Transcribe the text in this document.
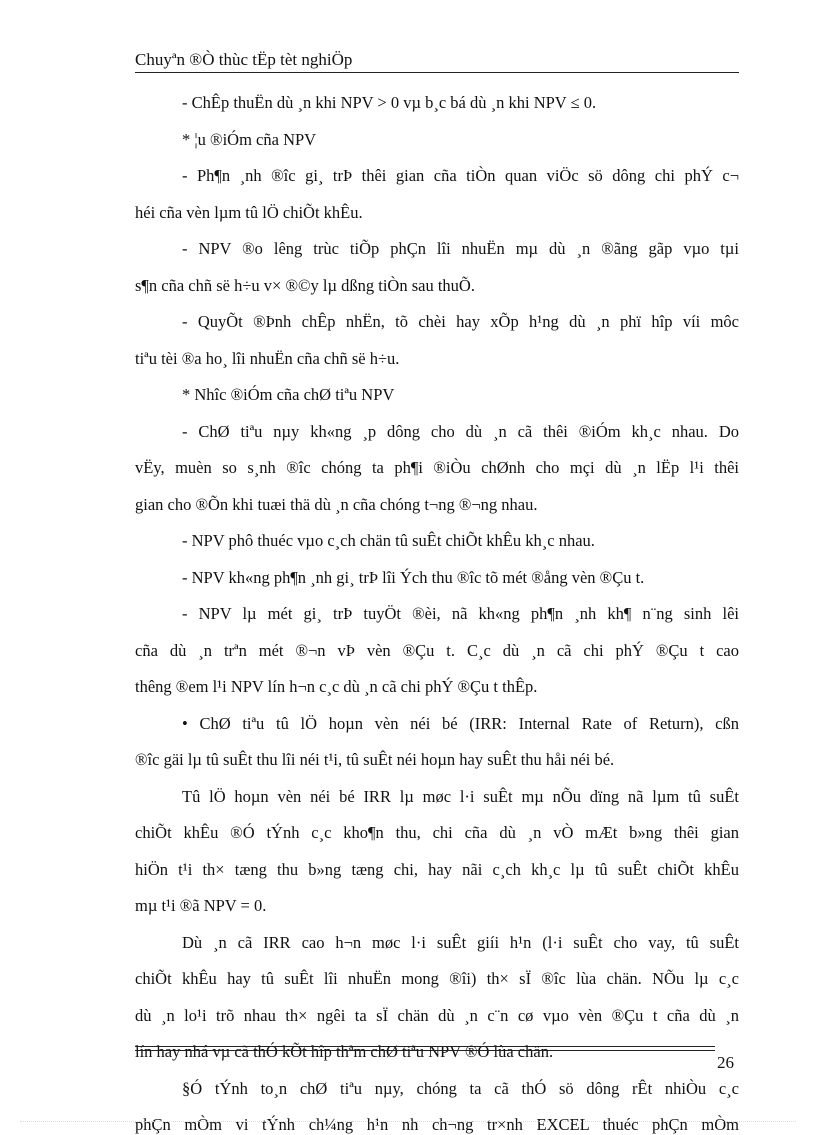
Chuyªn ®Ò thùc tËp tèt nghiÖp
- ChÊp thuËn dù ¸n khi NPV > 0 vµ b¸c bá dù ¸n khi NPV ≤ 0.
* ¦u ®iÓm cña NPV
- Ph¶n ¸nh ®îc gi¸ trÞ thêi gian cña tiÒn quan viÖc sö dông chi phÝ c¬
héi cña vèn lµm tû lÖ chiÕt khÊu.
- NPV ®o lêng trùc tiÕp phÇn lîi nhuËn mµ dù ¸n ®ãng gãp vµo tµi
s¶n cña chñ së h÷u v× ®©y lµ dßng tiÒn sau thuÕ.
- QuyÕt ®Þnh chÊp nhËn, tõ chèi hay xÕp h¹ng dù ¸n phï hîp víi môc
tiªu tèi ®a ho¸ lîi nhuËn cña chñ së h÷u.
* Nhîc ®iÓm cña chØ tiªu NPV
- ChØ tiªu nµy kh«ng ¸p dông cho dù ¸n cã thêi ®iÓm kh¸c nhau. Do
vËy, muèn so s¸nh ®îc chóng ta ph¶i ®iÒu chØnh cho mçi dù ¸n lËp l¹i thêi
gian cho ®Õn khi tuæi thä dù ¸n cña chóng t¬ng ®¬ng nhau.
- NPV phô thuéc vµo c¸ch chän tû suÊt chiÕt khÊu kh¸c nhau.
- NPV kh«ng ph¶n ¸nh gi¸ trÞ lîi Ých thu ®îc tõ mét ®ång vèn ®Çu t.
- NPV lµ mét gi¸ trÞ tuyÖt ®èi, nã kh«ng ph¶n ¸nh kh¶ n¨ng sinh lêi
cña dù ¸n trªn mét ®¬n vÞ vèn ®Çu t. C¸c dù ¸n cã chi phÝ ®Çu t cao
thêng ®em l¹i NPV lín h¬n c¸c dù ¸n cã chi phÝ ®Çu t thÊp.
• ChØ tiªu tû lÖ hoµn vèn néi bé (IRR: Internal Rate of Return), cßn
®îc gäi lµ tû suÊt thu lîi néi t¹i, tû suÊt néi hoµn hay suÊt thu håi néi bé.
Tû lÖ hoµn vèn néi bé IRR lµ møc l·i suÊt mµ nÕu dïng nã lµm tû suÊt
chiÕt khÊu ®Ó tÝnh c¸c kho¶n thu, chi cña dù ¸n vÒ mÆt b»ng thêi gian
hiÖn t¹i th× tæng thu b»ng tæng chi, hay nãi c¸ch kh¸c lµ tû suÊt chiÕt khÊu
mµ t¹i ®ã NPV = 0.
Dù ¸n cã IRR cao h¬n møc l·i suÊt giíi h¹n (l·i suÊt cho vay, tû suÊt
chiÕt khÊu hay tû suÊt lîi nhuËn mong ®îi) th× sÏ ®îc lùa chän. NÕu lµ c¸c
dù ¸n lo¹i trõ nhau th× ngêi ta sÏ chän dù ¸n c¨n cø vµo vèn ®Çu t cña dù ¸n
lín hay nhá vµ cã thÓ kÕt hîp thªm chØ tiªu NPV ®Ó lùa chän.
§Ó tÝnh to¸n chØ tiªu nµy, chóng ta cã thÓ sö dông rÊt nhiÒu c¸c
phÇn mÒm vi tÝnh ch¼ng h¹n nh ch¬ng tr×nh EXCEL thuéc phÇn mÒm
26
